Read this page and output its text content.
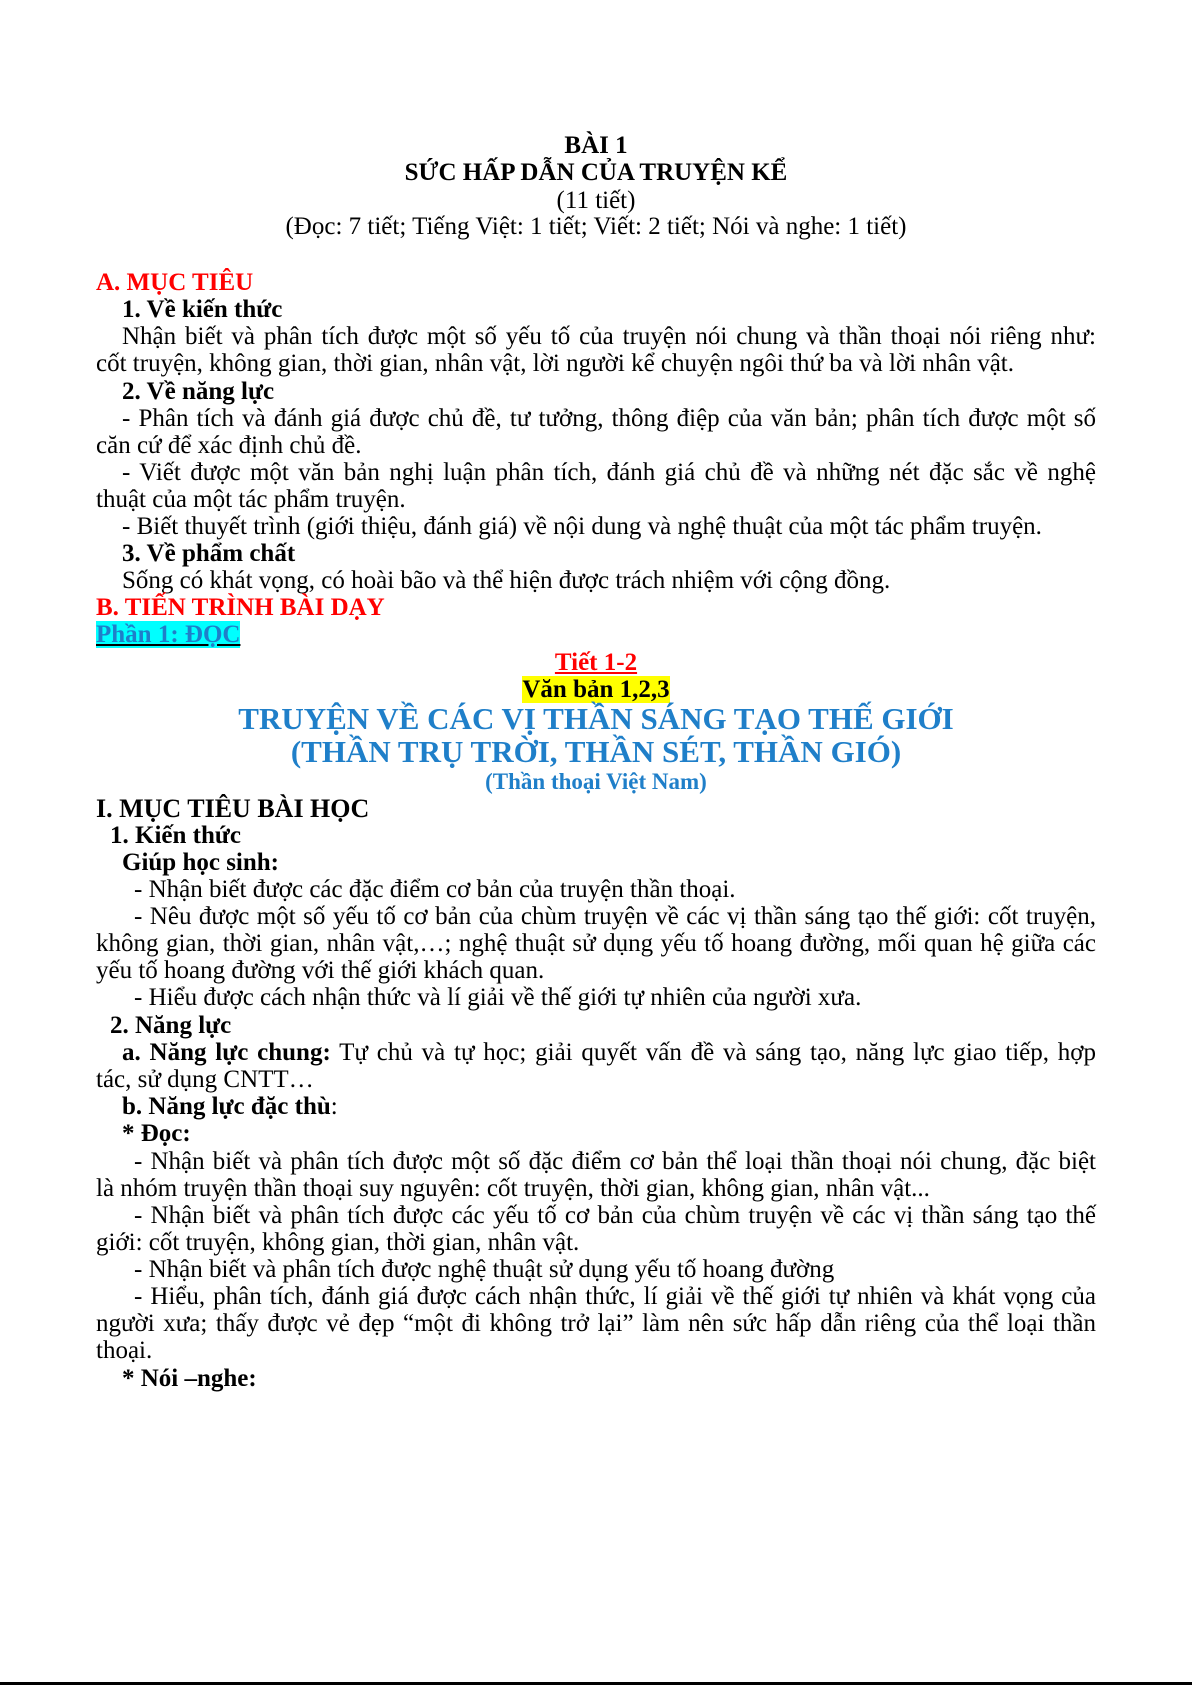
BÀI 1
SỨC HẤP DẪN CỦA TRUYỆN KỂ
(11 tiết)
(Đọc: 7 tiết; Tiếng Việt: 1 tiết; Viết: 2 tiết; Nói và nghe: 1 tiết)
A. MỤC TIÊU
1. Về kiến thức
Nhận biết và phân tích được một số yếu tố của truyện nói chung và thần thoại nói riêng như:
cốt truyện, không gian, thời gian, nhân vật, lời người kể chuyện ngôi thứ ba và lời nhân vật.
2. Về năng lực
- Phân tích và đánh giá được chủ đề, tư tưởng, thông điệp của văn bản; phân tích được một số
căn cứ để xác định chủ đề.
- Viết được một văn bản nghị luận phân tích, đánh giá chủ đề và những nét đặc sắc về nghệ
thuật của một tác phẩm truyện.
- Biết thuyết trình (giới thiệu, đánh giá) về nội dung và nghệ thuật của một tác phẩm truyện.
3. Về phẩm chất
Sống có khát vọng, có hoài bão và thể hiện được trách nhiệm với cộng đồng.
B. TIẾN TRÌNH BÀI DẠY
Phần 1: ĐỌC
Tiết 1-2
Văn bản 1,2,3
TRUYỆN VỀ CÁC VỊ THẦN SÁNG TẠO THẾ GIỚI
(THẦN TRỤ TRỜI, THẦN SÉT, THẦN GIÓ)
(Thần thoại Việt Nam)
I. MỤC TIÊU BÀI HỌC
1. Kiến thức
Giúp học sinh:
- Nhận biết được các đặc điểm cơ bản của truyện thần thoại.
- Nêu được một số yếu tố cơ bản của chùm truyện về các vị thần sáng tạo thế giới: cốt truyện,
không gian, thời gian, nhân vật,…; nghệ thuật sử dụng yếu tố hoang đường, mối quan hệ giữa các
yếu tố hoang đường với thế giới khách quan.
- Hiểu được cách nhận thức và lí giải về thế giới tự nhiên của người xưa.
2. Năng lực
a. Năng lực chung: Tự chủ và tự học; giải quyết vấn đề và sáng tạo, năng lực giao tiếp, hợp
tác, sử dụng CNTT…
b. Năng lực đặc thù:
* Đọc:
- Nhận biết và phân tích được một số đặc điểm cơ bản thể loại thần thoại nói chung, đặc biệt
là nhóm truyện thần thoại suy nguyên: cốt truyện, thời gian, không gian, nhân vật...
- Nhận biết và phân tích được các yếu tố cơ bản của chùm truyện về các vị thần sáng tạo thế
giới: cốt truyện, không gian, thời gian, nhân vật.
- Nhận biết và phân tích được nghệ thuật sử dụng yếu tố hoang đường
- Hiểu, phân tích, đánh giá được cách nhận thức, lí giải về thế giới tự nhiên và khát vọng của
người xưa; thấy được vẻ đẹp “một đi không trở lại” làm nên sức hấp dẫn riêng của thể loại thần
thoại.
* Nói –nghe:
